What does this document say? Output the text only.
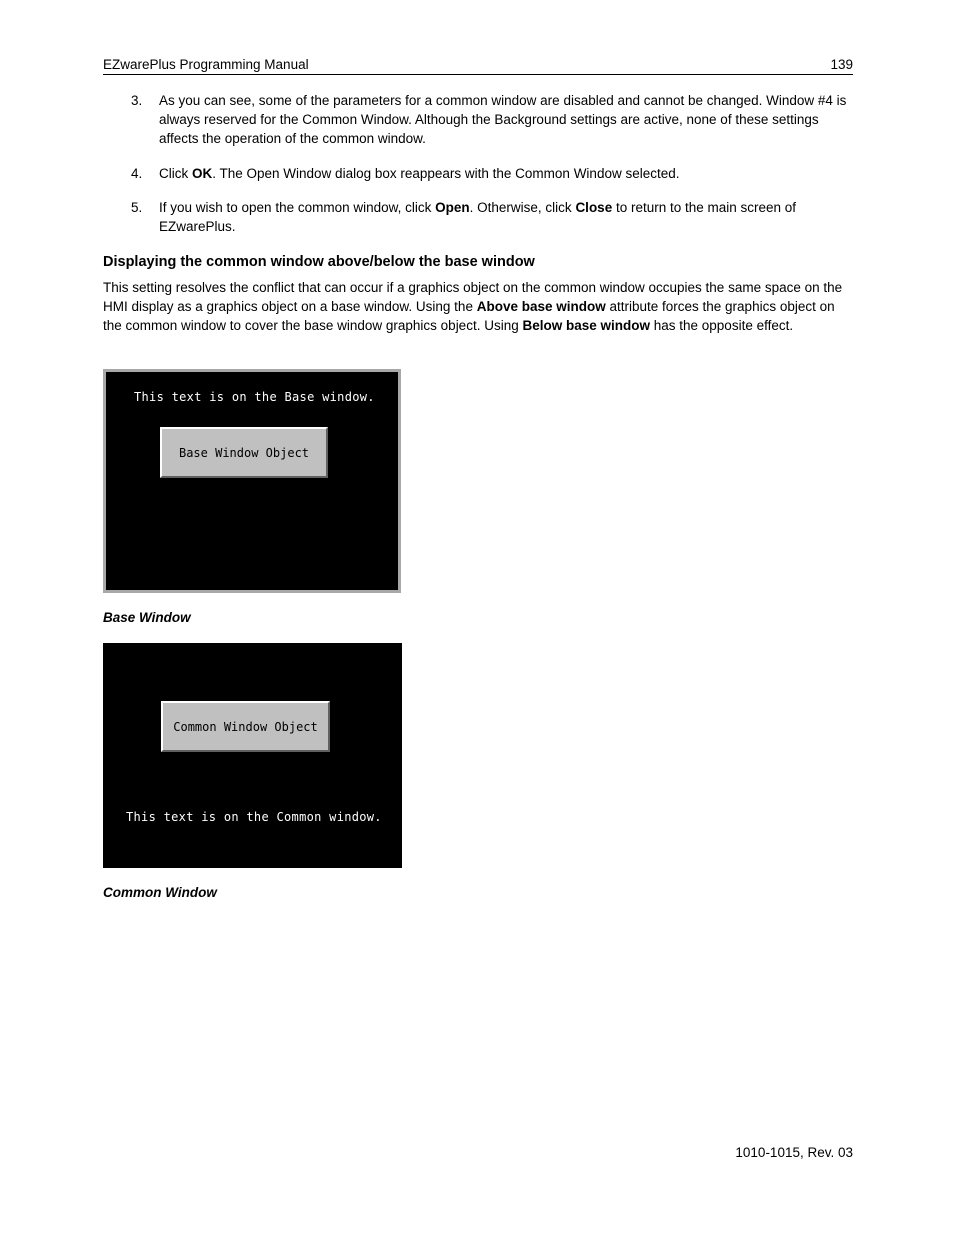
EZwarePlus Programming Manual	139
3. As you can see, some of the parameters for a common window are disabled and cannot be changed. Window #4 is always reserved for the Common Window. Although the Background settings are active, none of these settings affects the operation of the common window.
4. Click OK. The Open Window dialog box reappears with the Common Window selected.
5. If you wish to open the common window, click Open. Otherwise, click Close to return to the main screen of EZwarePlus.
Displaying the common window above/below the base window
This setting resolves the conflict that can occur if a graphics object on the common window occupies the same space on the HMI display as a graphics object on a base window. Using the Above base window attribute forces the graphics object on the common window to cover the base window graphics object. Using Below base window has the opposite effect.
This text is on the Base window.
Base Window Object
Base Window
Common Window Object
This text is on the Common window.
Common Window
1010-1015, Rev. 03
